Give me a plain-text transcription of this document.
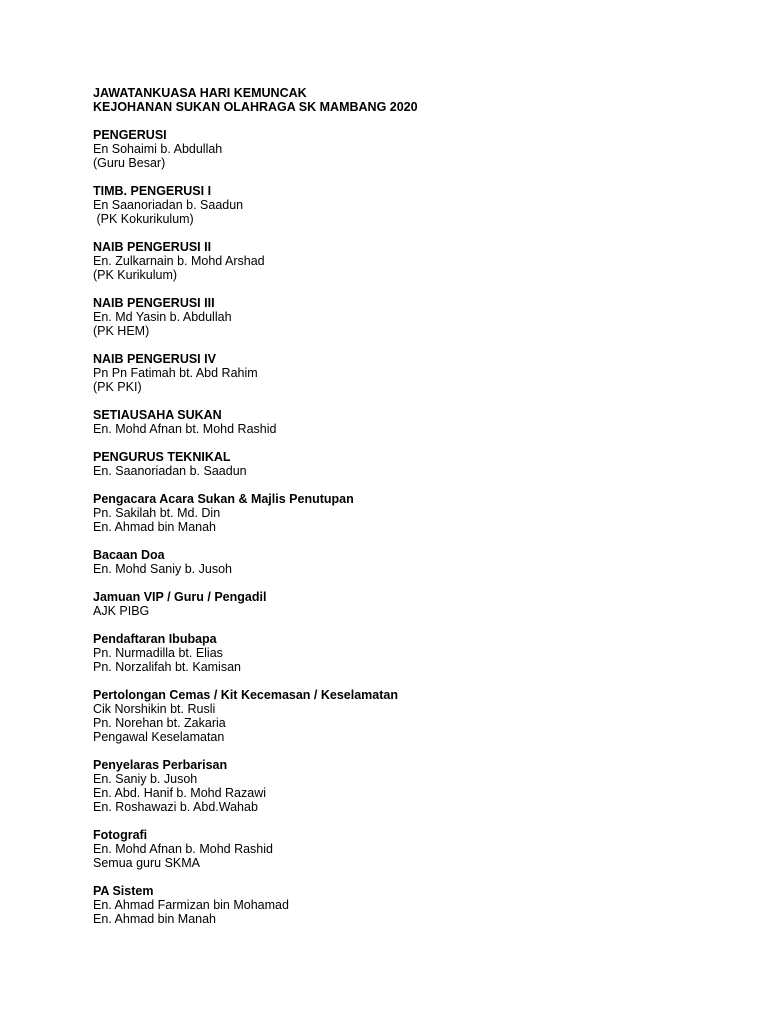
JAWATANKUASA HARI KEMUNCAK

KEJOHANAN SUKAN OLAHRAGA SK MAMBANG 2020

PENGERUSI

En Sohaimi b. Abdullah

(Guru Besar)

TIMB. PENGERUSI I

En Saanoriadan b. Saadun

(PK Kokurikulum)

NAIB PENGERUSI II

En. Zulkarnain b. Mohd Arshad

(PK Kurikulum)

NAIB PENGERUSI III

En. Md Yasin b. Abdullah

(PK HEM)

NAIB PENGERUSI IV

Pn Pn Fatimah bt. Abd Rahim

(PK PKI)

SETIAUSAHA SUKAN

En. Mohd Afnan bt. Mohd Rashid

PENGURUS TEKNIKAL

En. Saanoriadan b. Saadun

Pengacara Acara Sukan & Majlis Penutupan

Pn. Sakilah bt. Md. Din

En. Ahmad bin Manah

Bacaan Doa

En. Mohd Saniy b. Jusoh

Jamuan VIP / Guru / Pengadil

AJK PIBG

Pendaftaran Ibubapa

Pn. Nurmadilla bt. Elias

Pn. Norzalifah bt. Kamisan

Pertolongan Cemas / Kit Kecemasan / Keselamatan

Cik Norshikin bt. Rusli

Pn. Norehan bt. Zakaria

Pengawal Keselamatan

Penyelaras Perbarisan

En. Saniy b. Jusoh

En. Abd. Hanif b. Mohd Razawi

En. Roshawazi b. Abd.Wahab

Fotografi

En. Mohd Afnan b. Mohd Rashid

Semua guru SKMA

PA Sistem

En. Ahmad Farmizan bin Mohamad

En. Ahmad bin Manah
